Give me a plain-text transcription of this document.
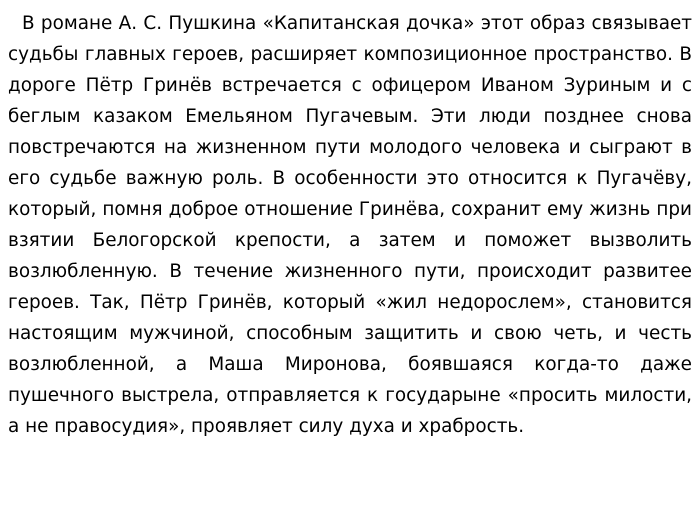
В романе А. С. Пушкина «Капитанская дочка» этот образ связывает судьбы главных героев, расширяет композиционное пространство. В дороге Пётр Гринёв встречается с офицером Иваном Зуриным и с беглым казаком Емельяном Пугачевым. Эти люди позднее снова повстречаются на жизненном пути молодого человека и сыграют в его судьбе важную роль. В особенности это относится к Пугачёву, который, помня доброе отношение Гринёва, сохранит ему жизнь при взятии Белогорской крепости, а затем и поможет вызволить возлюбленную. В течение жизненного пути, происходит развитее героев. Так, Пётр Гринёв, который «жил недорослем», становится настоящим мужчиной, способным защитить и свою четь, и честь возлюбленной, а Маша Миронова, боявшаяся когда-то даже пушечного выстрела, отправляется к государыне «просить милости, а не правосудия», проявляет силу духа и храбрость.
